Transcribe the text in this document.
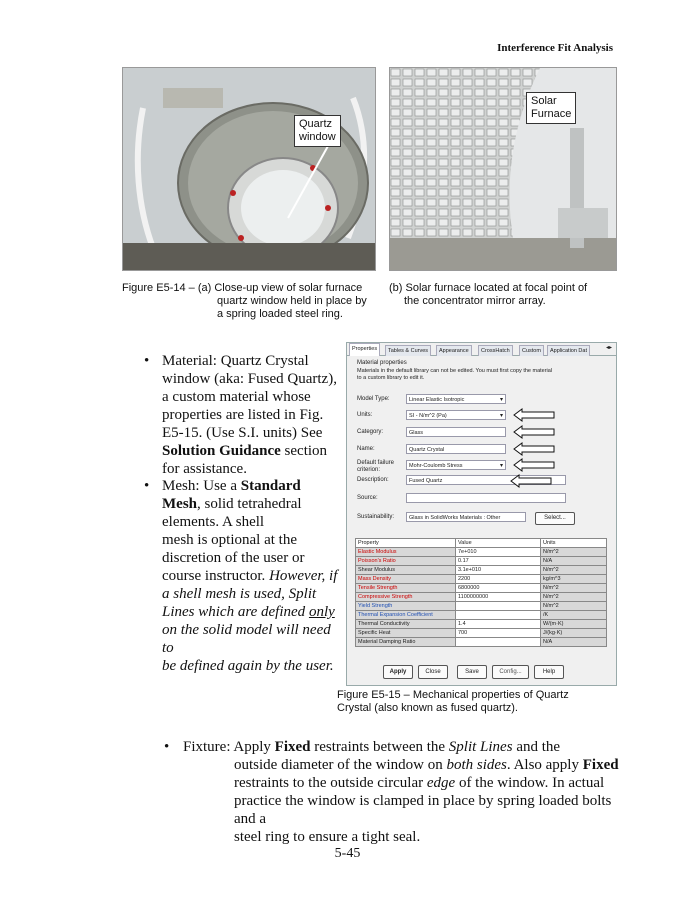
Interference Fit Analysis
Quartz
window
Solar
Furnace
Figure E5-14 – (a) Close-up view of solar furnace
quartz window held in place by
a spring loaded steel ring.
(b) Solar furnace located at focal point of
the concentrator mirror array.
• Material: Quartz Crystal
window (aka: Fused Quartz),
a custom material whose
properties are listed in Fig.
E5-15. (Use S.I. units) See
Solution Guidance section
for assistance.
• Mesh: Use a Standard
Mesh, solid tetrahedral
elements. A shell
mesh is optional at the
discretion of the user or
course instructor. However, if
a shell mesh is used, Split
Lines which are defined only
on the solid model will need to
be defined again by the user.
Properties	Tables & Curves	Appearance	CrossHatch	Custom	Application Dat	◂▸
Material properties
Materials in the default library can not be edited. You must first copy the material
to a custom library to edit it.
Model Type:	Linear Elastic Isotropic ▾
Units:	SI - N/m^2 (Pa) ▾
Category:	Glass
Name:	Quartz Crystal
Default failure
criterion:
Mohr-Coulomb Stress ▾
Description:	Fused Quartz
Source:
Sustainability:	Glass in SolidWorks Materials : Other	Select...
Property	Value	Units
Elastic Modulus	7e+010	N/m^2
Poisson's Ratio	0.17	N/A
Shear Modulus	3.1e+010	N/m^2
Mass Density	2200	kg/m^3
Tensile Strength	6800000	N/m^2
Compressive Strength	1100000000	N/m^2
Yield Strength		N/m^2
Thermal Expansion Coefficient		/K
Thermal Conductivity	1.4	W/(m·K)
Specific Heat	700	J/(kg·K)
Material Damping Ratio		N/A
Apply	Close	Save	Config...	Help
Figure E5-15 – Mechanical properties of Quartz
Crystal (also known as fused quartz).
• Fixture: Apply Fixed restraints between the Split Lines and the
outside diameter of the window on both sides. Also apply Fixed
restraints to the outside circular edge of the window. In actual
practice the window is clamped in place by spring loaded bolts and a
steel ring to ensure a tight seal.
5-45
